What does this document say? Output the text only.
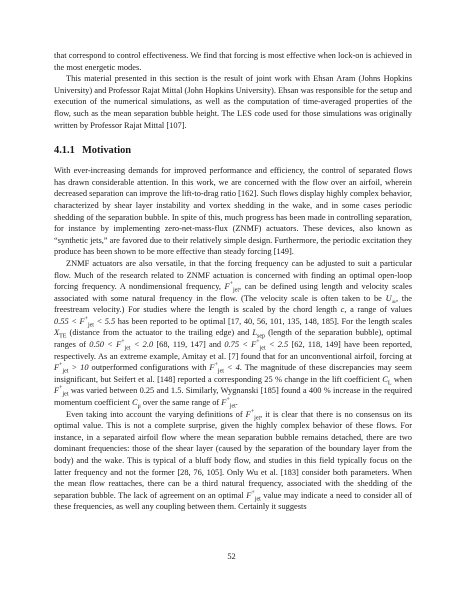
that correspond to control effectiveness. We find that forcing is most effective when lock-on is achieved in the most energetic modes.

This material presented in this section is the result of joint work with Ehsan Aram (Johns Hopkins University) and Professor Rajat Mittal (John Hopkins University). Ehsan was responsible for the setup and execution of the numerical simulations, as well as the computation of time-averaged properties of the flow, such as the mean separation bubble height. The LES code used for those simulations was originally written by Professor Rajat Mittal [107].

4.1.1 Motivation

With ever-increasing demands for improved performance and efficiency, the control of separated flows has drawn considerable attention. In this work, we are concerned with the flow over an airfoil, wherein decreased separation can improve the lift-to-drag ratio [162]. Such flows display highly complex behavior, characterized by shear layer instability and vortex shedding in the wake, and in some cases periodic shedding of the separation bubble. In spite of this, much progress has been made in controlling separation, for instance by implementing zero-net-mass-flux (ZNMF) actuators. These devices, also known as “synthetic jets,” are favored due to their relatively simple design. Furthermore, the periodic excitation they produce has been shown to be more effective than steady forcing [149].

ZNMF actuators are also versatile, in that the forcing frequency can be adjusted to suit a particular flow. Much of the research related to ZNMF actuation is concerned with finding an optimal open-loop forcing frequency. A nondimensional frequency, $F^+_{jet}$, can be defined using length and velocity scales associated with some natural frequency in the flow. (The velocity scale is often taken to be $U_\infty$, the freestream velocity.) For studies where the length is scaled by the chord length c, a range of values $0.55 < F^+_{jet} < 5.5$ has been reported to be optimal [17, 40, 56, 101, 135, 148, 185]. For the length scales $X_{TE}$ (distance from the actuator to the trailing edge) and $L_{sep}$ (length of the separation bubble), optimal ranges of $0.50 < F^+_{jet} < 2.0$ [68, 119, 147] and $0.75 < F^+_{jet} < 2.5$ [62, 118, 149] have been reported, respectively. As an extreme example, Amitay et al. [7] found that for an unconventional airfoil, forcing at $F^+_{jet} > 10$ outperformed configurations with $F^+_{jet} < 4$. The magnitude of these discrepancies may seem insignificant, but Seifert et al. [148] reported a corresponding 25 % change in the lift coefficient $C_L$ when $F^+_{jet}$ was varied between 0.25 and 1.5. Similarly, Wygnanski [185] found a 400 % increase in the required momentum coefficient $C_\mu$ over the same range of $F^+_{jet}$.

Even taking into account the varying definitions of $F^+_{jet}$, it is clear that there is no consensus on its optimal value. This is not a complete surprise, given the highly complex behavior of these flows. For instance, in a separated airfoil flow where the mean separation bubble remains detached, there are two dominant frequencies: those of the shear layer (caused by the separation of the boundary layer from the body) and the wake. This is typical of a bluff body flow, and studies in this field typically focus on the latter frequency and not the former [28, 76, 105]. Only Wu et al. [183] consider both parameters. When the mean flow reattaches, there can be a third natural frequency, associated with the shedding of the separation bubble. The lack of agreement on an optimal $F^+_{jet}$ value may indicate a need to consider all of these frequencies, as well any coupling between them. Certainly it suggests

52
